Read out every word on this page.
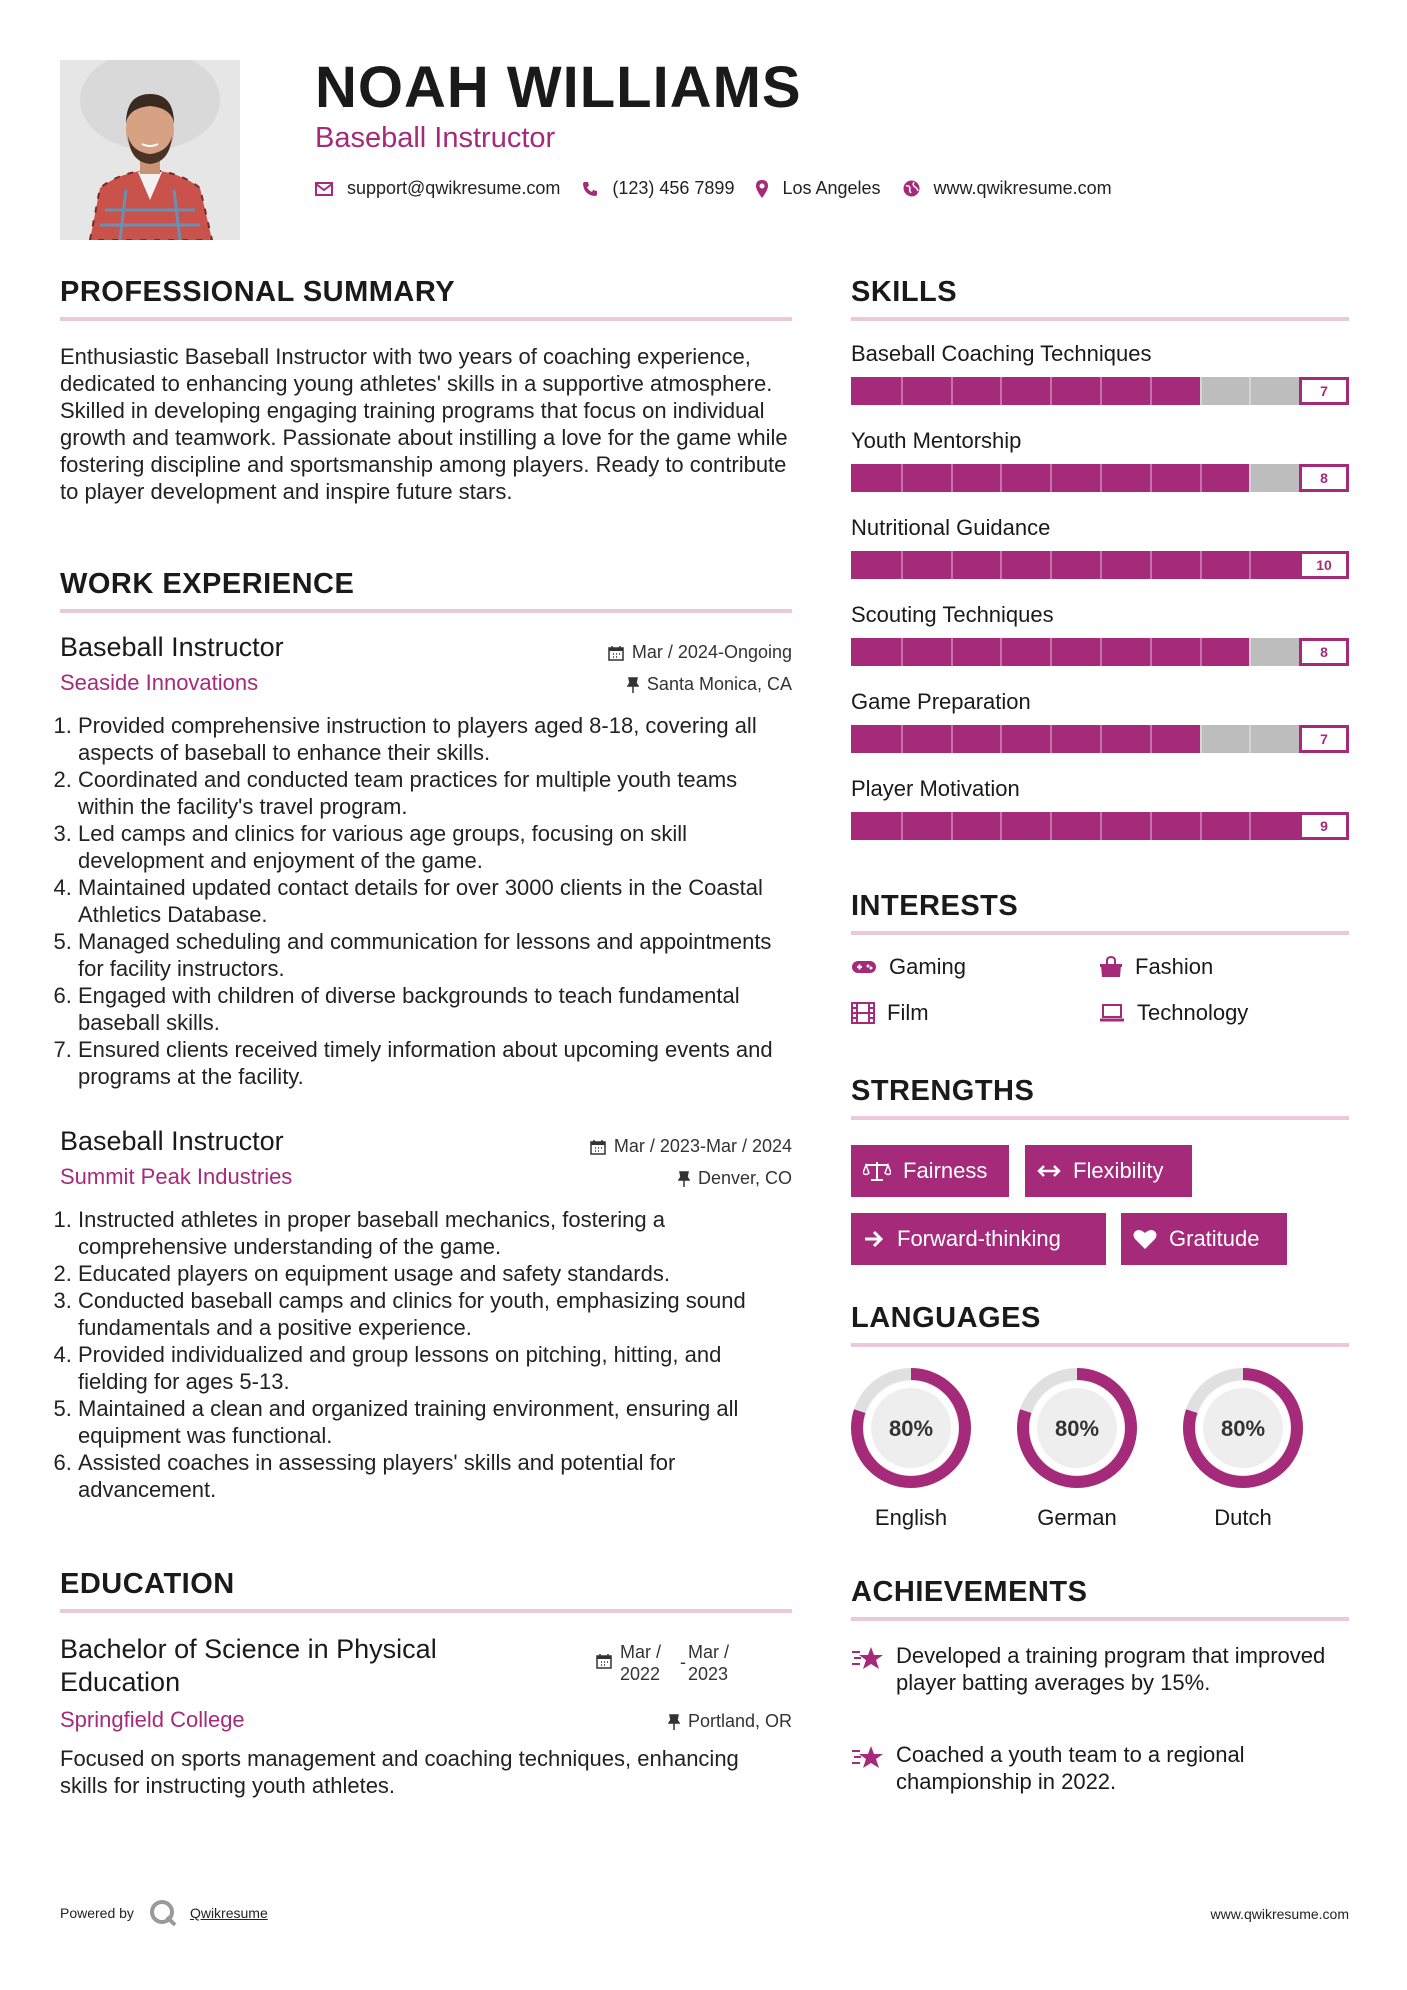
NOAH WILLIAMS
Baseball Instructor
support@qwikresume.com	(123) 456 7899	Los Angeles	www.qwikresume.com
PROFESSIONAL SUMMARY

Enthusiastic Baseball Instructor with two years of coaching experience, dedicated to enhancing young athletes' skills in a supportive atmosphere. Skilled in developing engaging training programs that focus on individual growth and teamwork. Passionate about instilling a love for the game while fostering discipline and sportsmanship among players. Ready to contribute to player development and inspire future stars.

WORK EXPERIENCE
Baseball Instructor	Mar / 2024-Ongoing
Seaside Innovations	Santa Monica, CA
1. Provided comprehensive instruction to players aged 8-18, covering all aspects of baseball to enhance their skills.
2. Coordinated and conducted team practices for multiple youth teams within the facility's travel program.
3. Led camps and clinics for various age groups, focusing on skill development and enjoyment of the game.
4. Maintained updated contact details for over 3000 clients in the Coastal Athletics Database.
5. Managed scheduling and communication for lessons and appointments for facility instructors.
6. Engaged with children of diverse backgrounds to teach fundamental baseball skills.
7. Ensured clients received timely information about upcoming events and programs at the facility.
Baseball Instructor	Mar / 2023-Mar / 2024
Summit Peak Industries	Denver, CO
1. Instructed athletes in proper baseball mechanics, fostering a comprehensive understanding of the game.
2. Educated players on equipment usage and safety standards.
3. Conducted baseball camps and clinics for youth, emphasizing sound fundamentals and a positive experience.
4. Provided individualized and group lessons on pitching, hitting, and fielding for ages 5-13.
5. Maintained a clean and organized training environment, ensuring all equipment was functional.
6. Assisted coaches in assessing players' skills and potential for advancement.
EDUCATION
Bachelor of Science in Physical Education
Mar /
2022
- Mar /
2023
Springfield College	Portland, OR

Focused on sports management and coaching techniques, enhancing skills for instructing youth athletes.

SKILLS
Baseball Coaching Techniques
7
Youth Mentorship
8
Nutritional Guidance
10
Scouting Techniques
8
Game Preparation
7
Player Motivation
9
INTERESTS
Gaming	Fashion
Film	Technology
STRENGTHS
Fairness	Flexibility
Forward-thinking	Gratitude
LANGUAGES
80%
English
80%
German
80%
Dutch
ACHIEVEMENTS
Developed a training program that improved player batting averages by 15%.
Coached a youth team to a regional championship in 2022.
Powered by	Qwikresume	www.qwikresume.com
